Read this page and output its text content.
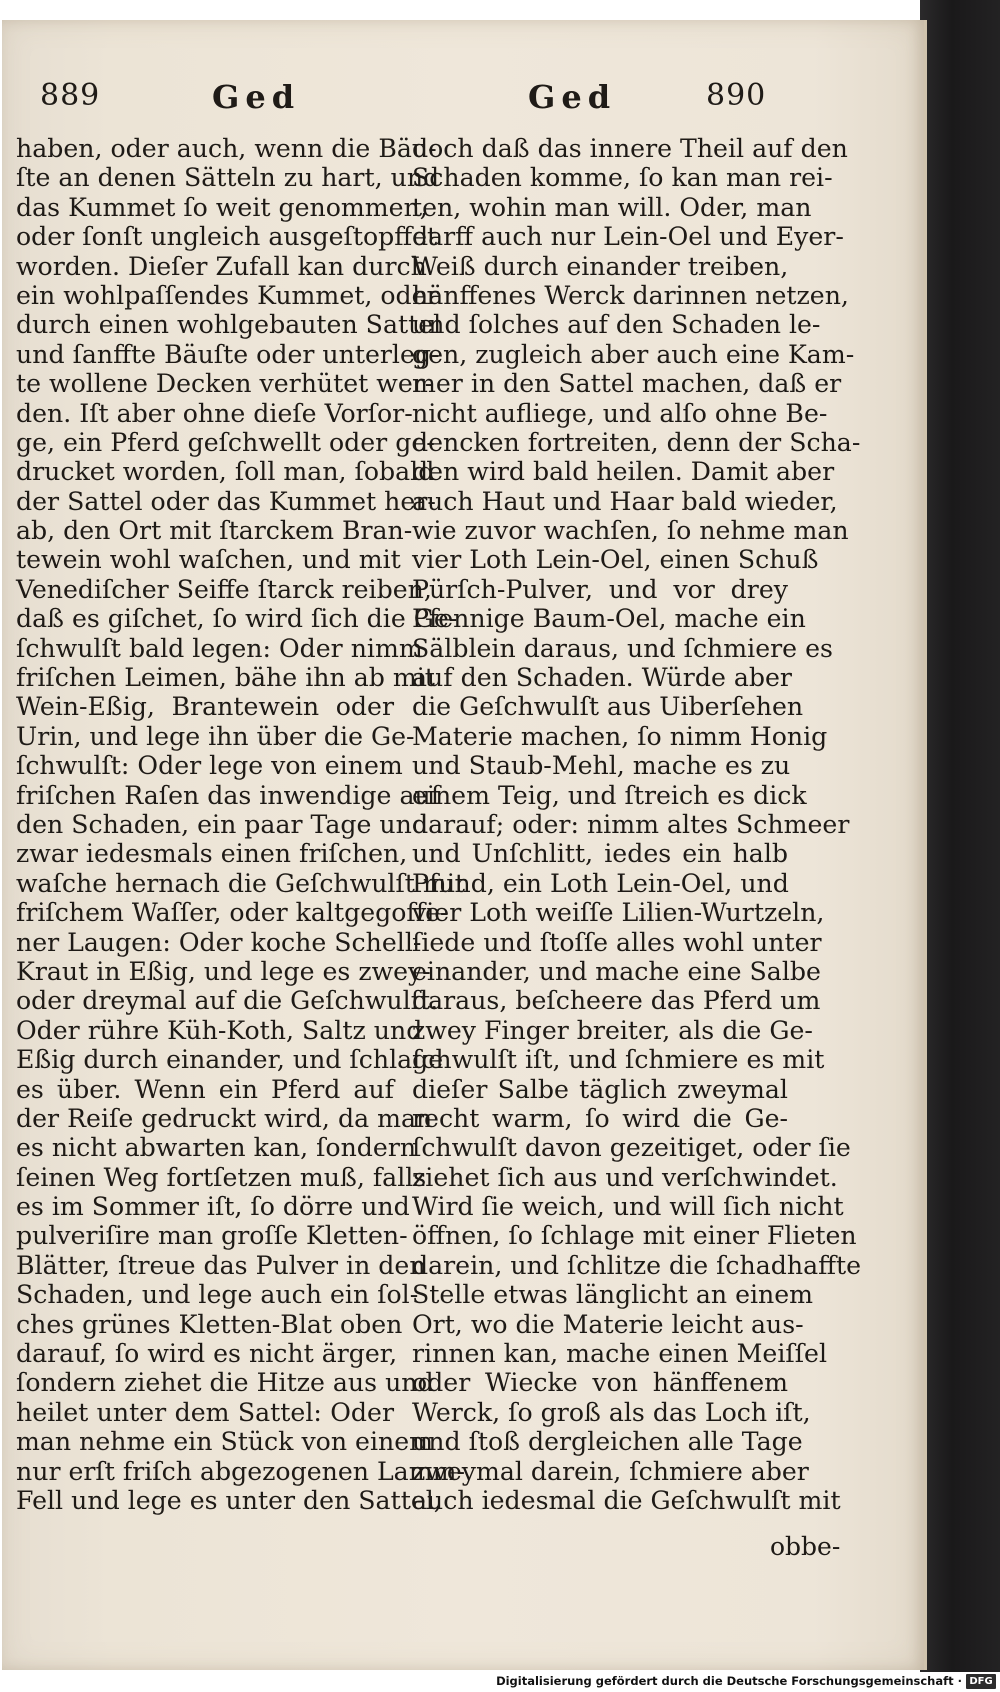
889	Ged	Ged	890
haben, oder auch, wenn die Bäu-
ſte an denen Sätteln zu hart, und
das Kummet ſo weit genommen,
oder ſonſt ungleich ausgeſtopffet
worden. Dieſer Zufall kan durch
ein wohlpaſſendes Kummet, oder
durch einen wohlgebauten Sattel
und ſanffte Bäuſte oder unterleg-
te wollene Decken verhütet wer-
den. Iſt aber ohne dieſe Vorſor-
ge, ein Pferd geſchwellt oder ge-
drucket worden, ſoll man, ſobald
der Sattel oder das Kummet her-
ab, den Ort mit ſtarckem Bran-
tewein wohl waſchen, und mit
Venediſcher Seiffe ſtarck reiben,
daß es giſchet, ſo wird ſich die Ge-
ſchwulſt bald legen: Oder nimm
friſchen Leimen, bähe ihn ab mit
Wein-Eßig, Brantewein oder
Urin, und lege ihn über die Ge-
ſchwulſt: Oder lege von einem
friſchen Raſen das inwendige auf
den Schaden, ein paar Tage und
zwar iedesmals einen friſchen,
waſche hernach die Geſchwulſt mit
friſchem Waſſer, oder kaltgegoſſe-
ner Laugen: Oder koche Schell-
Kraut in Eßig, und lege es zwey-
oder dreymal auf die Geſchwulſt.
Oder rühre Küh-Koth, Saltz und
Eßig durch einander, und ſchlage
es über. Wenn ein Pferd auf
der Reiſe gedruckt wird, da man
es nicht abwarten kan, ſondern
ſeinen Weg fortſetzen muß, falls
es im Sommer iſt, ſo dörre und
pulveriſire man groſſe Kletten-
Blätter, ſtreue das Pulver in den
Schaden, und lege auch ein ſol-
ches grünes Kletten-Blat oben
darauf, ſo wird es nicht ärger,
ſondern ziehet die Hitze aus und
heilet unter dem Sattel: Oder
man nehme ein Stück von einem
nur erſt friſch abgezogenen Lamm-
Fell und lege es unter den Sattel,
doch daß das innere Theil auf den
Schaden komme, ſo kan man rei-
ten, wohin man will. Oder, man
darff auch nur Lein-Oel und Eyer-
Weiß durch einander treiben,
hänffenes Werck darinnen netzen,
und ſolches auf den Schaden le-
gen, zugleich aber auch eine Kam-
mer in den Sattel machen, daß er
nicht aufliege, und alſo ohne Be-
dencken fortreiten, denn der Scha-
den wird bald heilen. Damit aber
auch Haut und Haar bald wieder,
wie zuvor wachſen, ſo nehme man
vier Loth Lein-Oel, einen Schuß
Pürſch-Pulver, und vor drey
Pfennige Baum-Oel, mache ein
Sälblein daraus, und ſchmiere es
auf den Schaden. Würde aber
die Geſchwulſt aus Uiberſehen
Materie machen, ſo nimm Honig
und Staub-Mehl, mache es zu
einem Teig, und ſtreich es dick
darauf; oder: nimm altes Schmeer
und Unſchlitt, iedes ein halb
Pfund, ein Loth Lein-Oel, und
vier Loth weiſſe Lilien-Wurtzeln,
ſiede und ſtoſſe alles wohl unter
einander, und mache eine Salbe
daraus, beſcheere das Pferd um
zwey Finger breiter, als die Ge-
ſchwulſt iſt, und ſchmiere es mit
dieſer Salbe täglich zweymal
recht warm, ſo wird die Ge-
ſchwulſt davon gezeitiget, oder ſie
ziehet ſich aus und verſchwindet.
Wird ſie weich, und will ſich nicht
öffnen, ſo ſchlage mit einer Flieten
darein, und ſchlitze die ſchadhaffte
Stelle etwas länglicht an einem
Ort, wo die Materie leicht aus-
rinnen kan, mache einen Meiſſel
oder Wiecke von hänffenem
Werck, ſo groß als das Loch iſt,
und ſtoß dergleichen alle Tage
zweymal darein, ſchmiere aber
auch iedesmal die Geſchwulſt mit
obbe-
Digitalisierung gefördert durch die Deutsche Forschungsgemeinschaft · DFG
